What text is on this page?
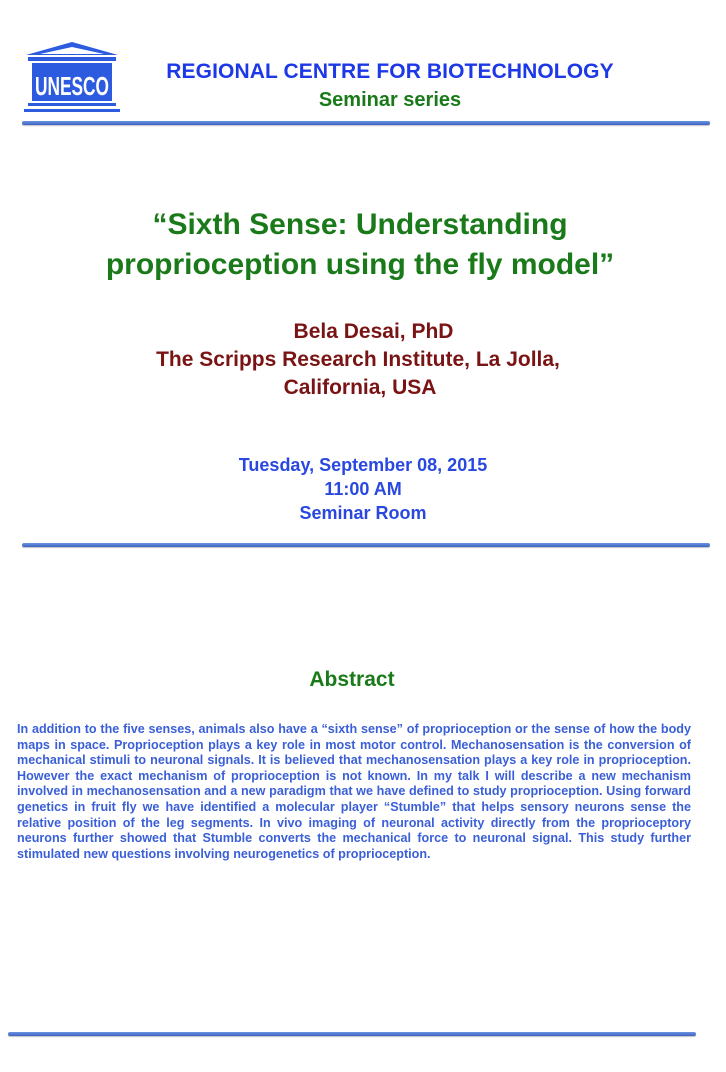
UNESCO	REGIONAL CENTRE FOR BIOTECHNOLOGY
Seminar series
“Sixth Sense: Understanding
proprioception using the fly model”
Bela Desai, PhD
The Scripps Research Institute, La Jolla,
California, USA
Tuesday, September 08, 2015
11:00 AM
Seminar Room
Abstract

In addition to the five senses, animals also have a “sixth sense” of proprioception or the sense of how the body maps in space. Proprioception plays a key role in most motor control. Mechanosensation is the conversion of mechanical stimuli to neuronal signals. It is believed that mechanosensation plays a key role in proprioception. However the exact mechanism of proprioception is not known. In my talk I will describe a new mechanism involved in mechanosensation and a new paradigm that we have defined to study proprioception. Using forward genetics in fruit fly we have identified a molecular player “Stumble” that helps sensory neurons sense the relative position of the leg segments. In vivo imaging of neuronal activity directly from the proprioceptory neurons further showed that Stumble converts the mechanical force to neuronal signal. This study further stimulated new questions involving neurogenetics of proprioception.
